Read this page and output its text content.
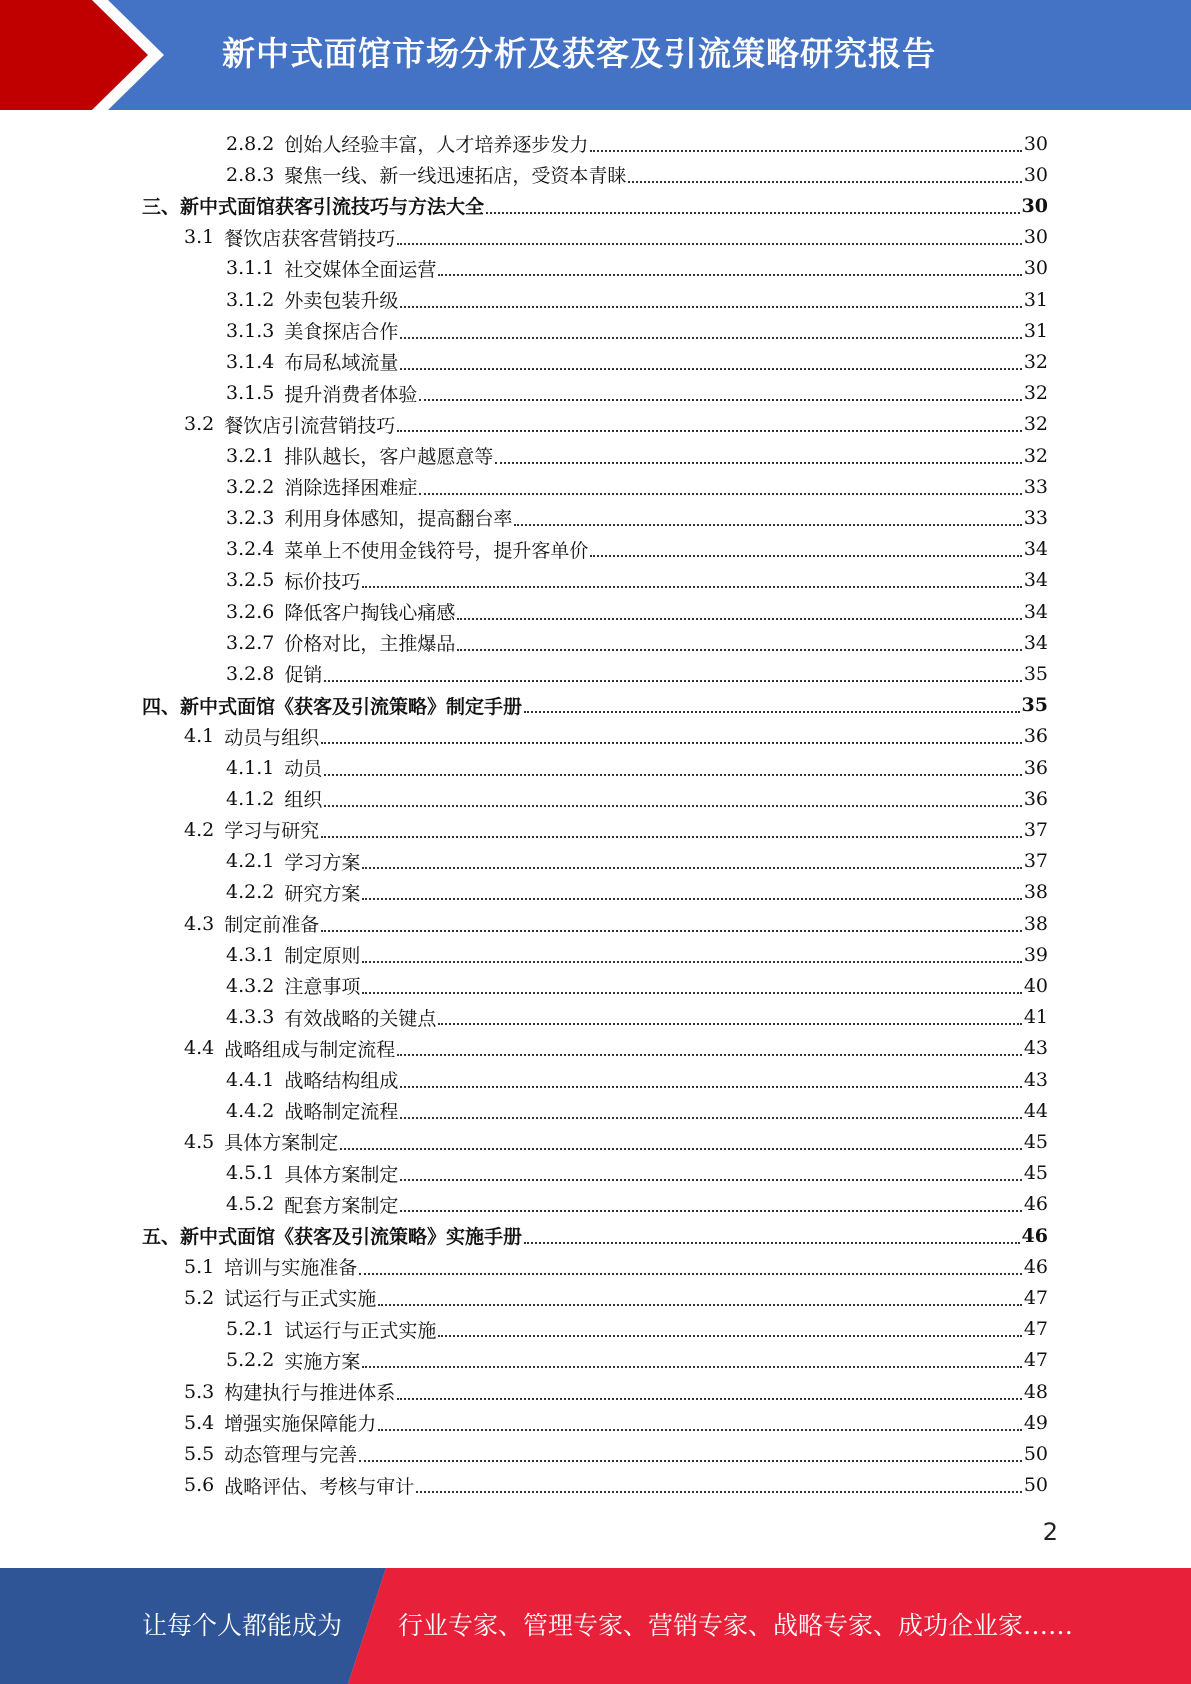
新中式面馆市场分析及获客及引流策略研究报告
2.8.2 创始人经验丰富，人才培养逐步发力	30
2.8.3 聚焦一线、新一线迅速拓店，受资本青睐	30
三、新中式面馆获客引流技巧与方法大全	30
3.1 餐饮店获客营销技巧	30
3.1.1 社交媒体全面运营	30
3.1.2 外卖包装升级	31
3.1.3 美食探店合作	31
3.1.4 布局私域流量	32
3.1.5 提升消费者体验	32
3.2 餐饮店引流营销技巧	32
3.2.1 排队越长，客户越愿意等	32
3.2.2 消除选择困难症	33
3.2.3 利用身体感知，提高翻台率	33
3.2.4 菜单上不使用金钱符号，提升客单价	34
3.2.5 标价技巧	34
3.2.6 降低客户掏钱心痛感	34
3.2.7 价格对比，主推爆品	34
3.2.8 促销	35
四、新中式面馆《获客及引流策略》制定手册	35
4.1 动员与组织	36
4.1.1 动员	36
4.1.2 组织	36
4.2 学习与研究	37
4.2.1 学习方案	37
4.2.2 研究方案	38
4.3 制定前准备	38
4.3.1 制定原则	39
4.3.2 注意事项	40
4.3.3 有效战略的关键点	41
4.4 战略组成与制定流程	43
4.4.1 战略结构组成	43
4.4.2 战略制定流程	44
4.5 具体方案制定	45
4.5.1 具体方案制定	45
4.5.2 配套方案制定	46
五、新中式面馆《获客及引流策略》实施手册	46
5.1 培训与实施准备	46
5.2 试运行与正式实施	47
5.2.1 试运行与正式实施	47
5.2.2 实施方案	47
5.3 构建执行与推进体系	48
5.4 增强实施保障能力	49
5.5 动态管理与完善	50
5.6 战略评估、考核与审计	50
2
让每个人都能成为 行业专家、管理专家、营销专家、战略专家、成功企业家……
